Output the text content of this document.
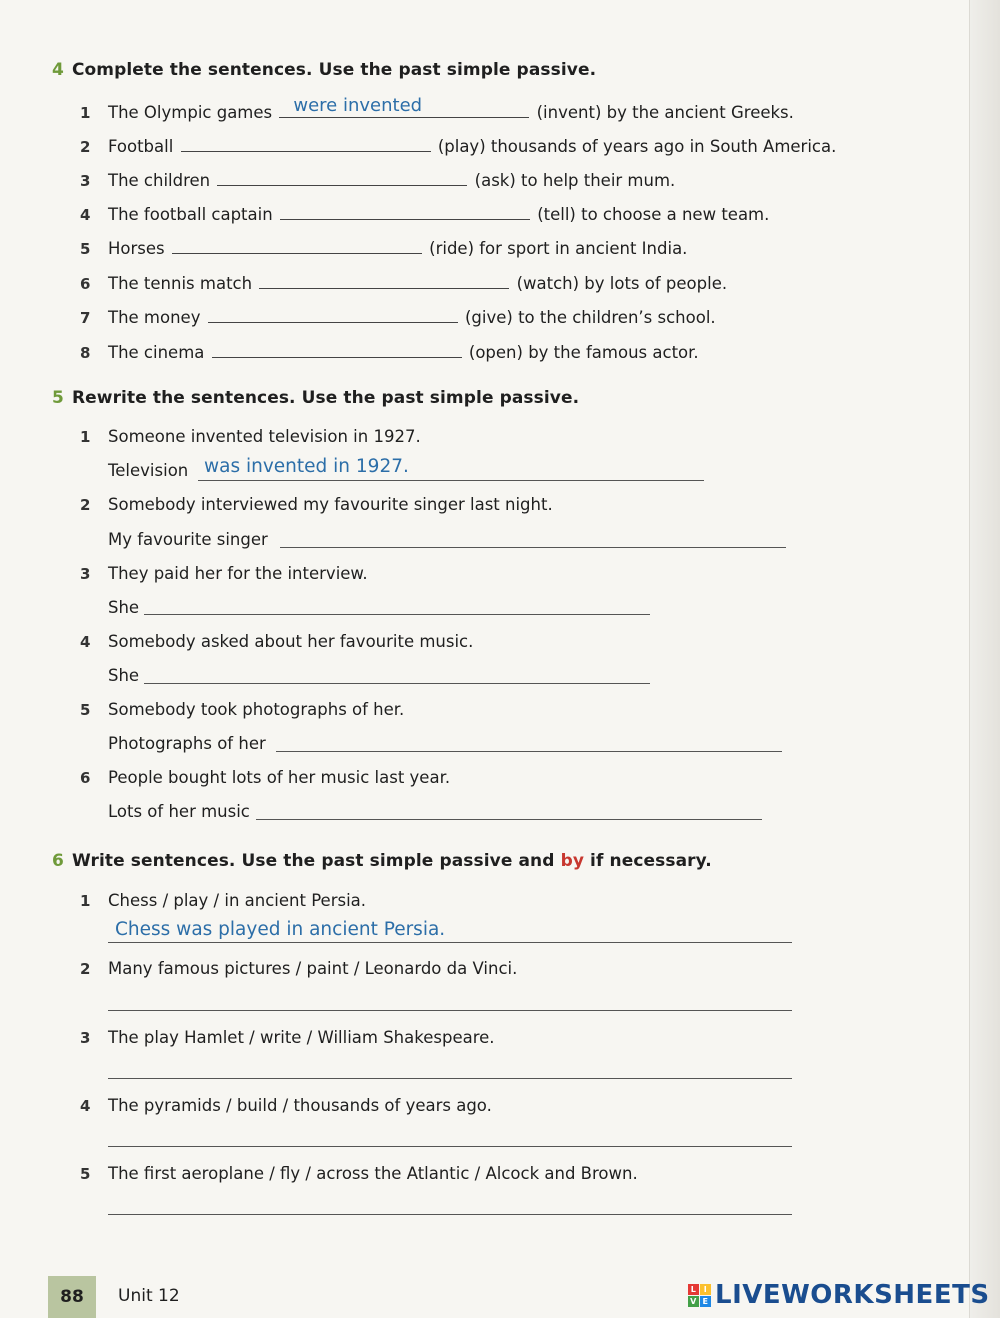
4 Complete the sentences. Use the past simple passive.
1 The Olympic games were invented	(invent) by the ancient Greeks.
2 Football	(play) thousands of years ago in South America.
3 The children	(ask) to help their mum.
4 The football captain	(tell) to choose a new team.
5 Horses	(ride) for sport in ancient India.
6 The tennis match	(watch) by lots of people.
7 The money	(give) to the children’s school.
8 The cinema	(open) by the famous actor.
5 Rewrite the sentences. Use the past simple passive.
1 Someone invented television in 1927.
Television was invented in 1927.
2 Somebody interviewed my favourite singer last night.
My favourite singer
3 They paid her for the interview.
She
4 Somebody asked about her favourite music.
She
5 Somebody took photographs of her.
Photographs of her
6 People bought lots of her music last year.
Lots of her music
6 Write sentences. Use the past simple passive and by if necessary.
1 Chess / play / in ancient Persia.
Chess was played in ancient Persia.
2 Many famous pictures / paint / Leonardo da Vinci.
3 The play Hamlet / write / William Shakespeare.
4 The pyramids / build / thousands of years ago.
5 The first aeroplane / fly / across the Atlantic / Alcock and Brown.
88 Unit 12	L I
V E LIVEWORKSHEETS
